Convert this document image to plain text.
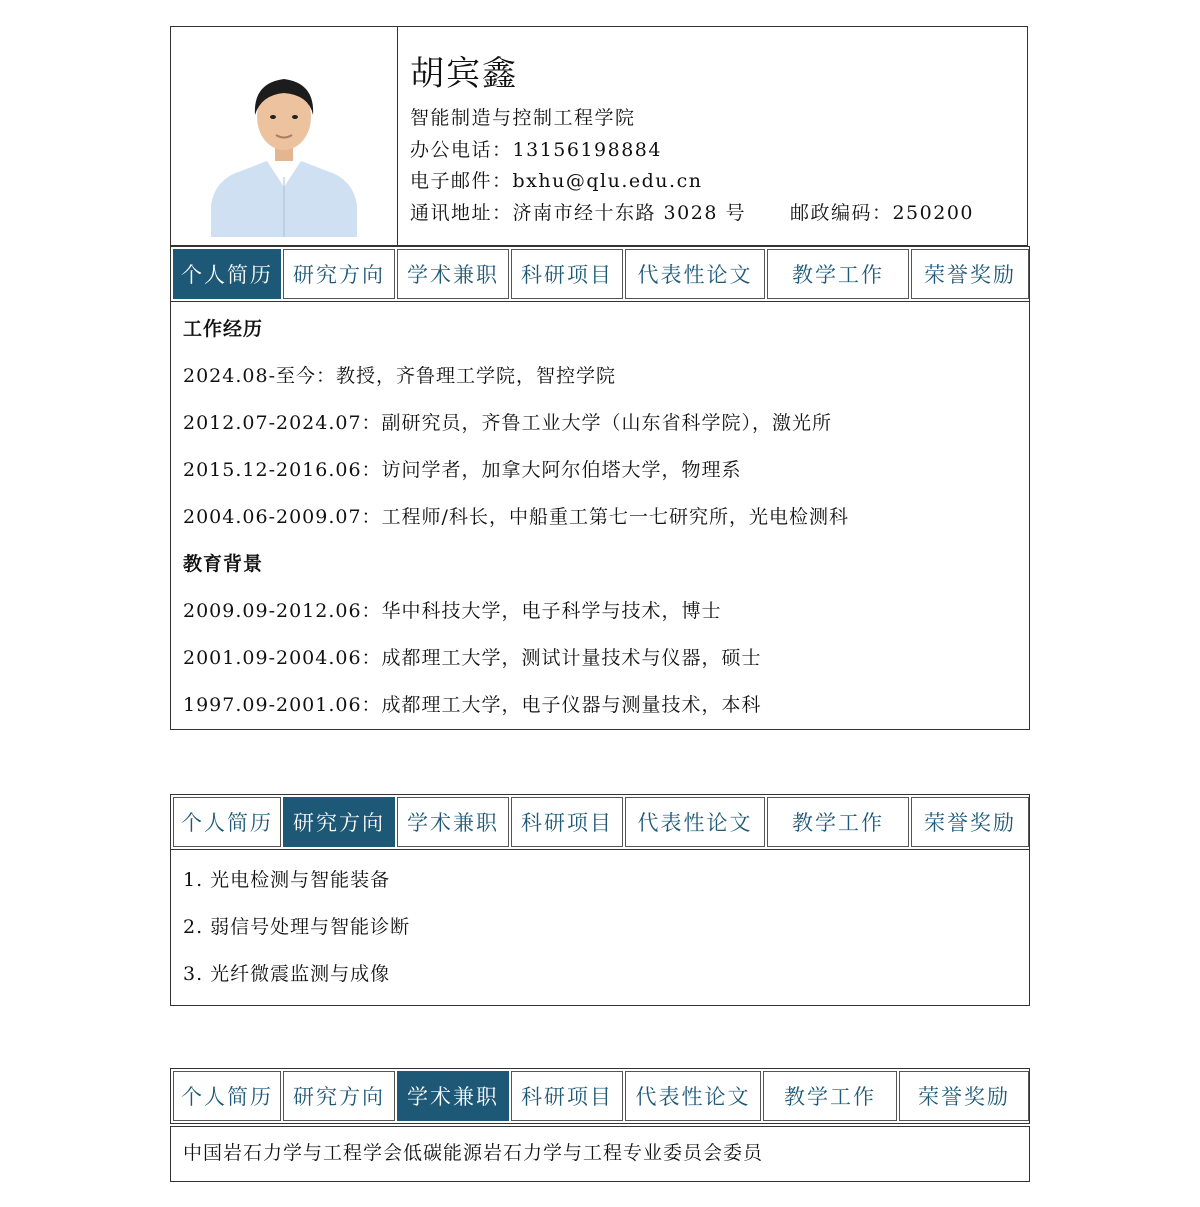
胡宾鑫
智能制造与控制工程学院
办公电话：13156198884
电子邮件：bxhu@qlu.edu.cn
通讯地址：济南市经十东路 3028 号 邮政编码：250200
个人简历 研究方向	学术兼职	科研项目	代表性论文	教学工作	荣誉奖励
工作经历
2024.08-至今：教授，齐鲁理工学院，智控学院
2012.07-2024.07：副研究员，齐鲁工业大学（山东省科学院），激光所
2015.12-2016.06：访问学者，加拿大阿尔伯塔大学，物理系
2004.06-2009.07：工程师/科长，中船重工第七一七研究所，光电检测科
教育背景
2009.09-2012.06：华中科技大学，电子科学与技术，博士
2001.09-2004.06：成都理工大学，测试计量技术与仪器，硕士
1997.09-2001.06：成都理工大学，电子仪器与测量技术，本科
个人简历 研究方向	学术兼职	科研项目	代表性论文	教学工作	荣誉奖励
1. 光电检测与智能装备
2. 弱信号处理与智能诊断
3. 光纤微震监测与成像
个人简历 研究方向	学术兼职	科研项目	代表性论文	教学工作	荣誉奖励
中国岩石力学与工程学会低碳能源岩石力学与工程专业委员会委员
